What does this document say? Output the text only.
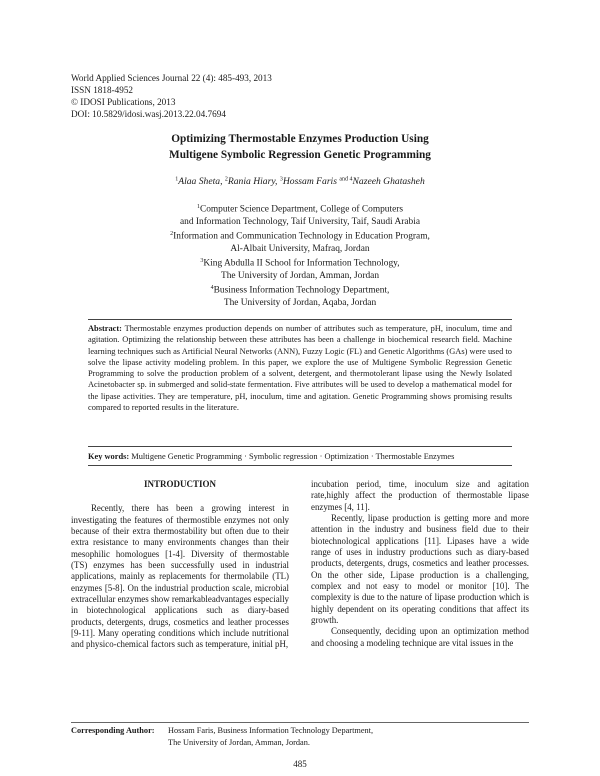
World Applied Sciences Journal 22 (4): 485-493, 2013
ISSN 1818-4952
© IDOSI Publications, 2013
DOI: 10.5829/idosi.wasj.2013.22.04.7694
Optimizing Thermostable Enzymes Production Using
Multigene Symbolic Regression Genetic Programming
$^1$Alaa Sheta, $^2$Rania Hiary, $^3$Hossam Faris $^{and 4}$Nazeeh Ghatasheh
$^1$Computer Science Department, College of Computers
and Information Technology, Taif University, Taif, Saudi Arabia
$^2$Information and Communication Technology in Education Program,
Al-Albait University, Mafraq, Jordan
$^3$King Abdulla II School for Information Technology,
The University of Jordan, Amman, Jordan
$^4$Business Information Technology Department,
The University of Jordan, Aqaba, Jordan
Abstract: Thermostable enzymes production depends on number of attributes such as temperature, pH, inoculum, time and agitation. Optimizing the relationship between these attributes has been a challenge in biochemical research field. Machine learning techniques such as Artificial Neural Networks (ANN), Fuzzy Logic (FL) and Genetic Algorithms (GAs) were used to solve the lipase activity modeling problem. In this paper, we explore the use of Multigene Symbolic Regression Genetic Programming to solve the production problem of a solvent, detergent, and thermotolerant lipase using the Newly Isolated Acinetobacter sp. in submerged and solid-state fermentation. Five attributes will be used to develop a mathematical model for the lipase activities. They are temperature, pH, inoculum, time and agitation. Genetic Programming shows promising results compared to reported results in the literature.
Key words: Multigene Genetic Programming · Symbolic regression · Optimization · Thermostable Enzymes
INTRODUCTION

Recently, there has been a growing interest in investigating the features of thermostible enzymes not only because of their extra thermostability but often due to their extra resistance to many environments changes than their mesophilic homologues [1-4]. Diversity of thermostable (TS) enzymes has been successfully used in industrial applications, mainly as replacements for thermolabile (TL) enzymes [5-8]. On the industrial production scale, microbial extracellular enzymes show remarkableadvantages especially in biotechnological applications such as diary-based products, detergents, drugs, cosmetics and leather processes [9-11]. Many operating conditions which include nutritional and physico-chemical factors such as temperature, initial pH,

incubation period, time, inoculum size and agitation rate,highly affect the production of thermostable lipase enzymes [4, 11].

Recently, lipase production is getting more and more attention in the industry and business field due to their biotechnological applications [11]. Lipases have a wide range of uses in industry productions such as diary-based products, detergents, drugs, cosmetics and leather processes. On the other side, Lipase production is a challenging, complex and not easy to model or monitor [10]. The complexity is due to the nature of lipase production which is highly dependent on its operating conditions that affect its growth.

Consequently, deciding upon an optimization method and choosing a modeling technique are vital issues in the

Corresponding Author: Hossam Faris, Business Information Technology Department,
The University of Jordan, Amman, Jordan.
485
